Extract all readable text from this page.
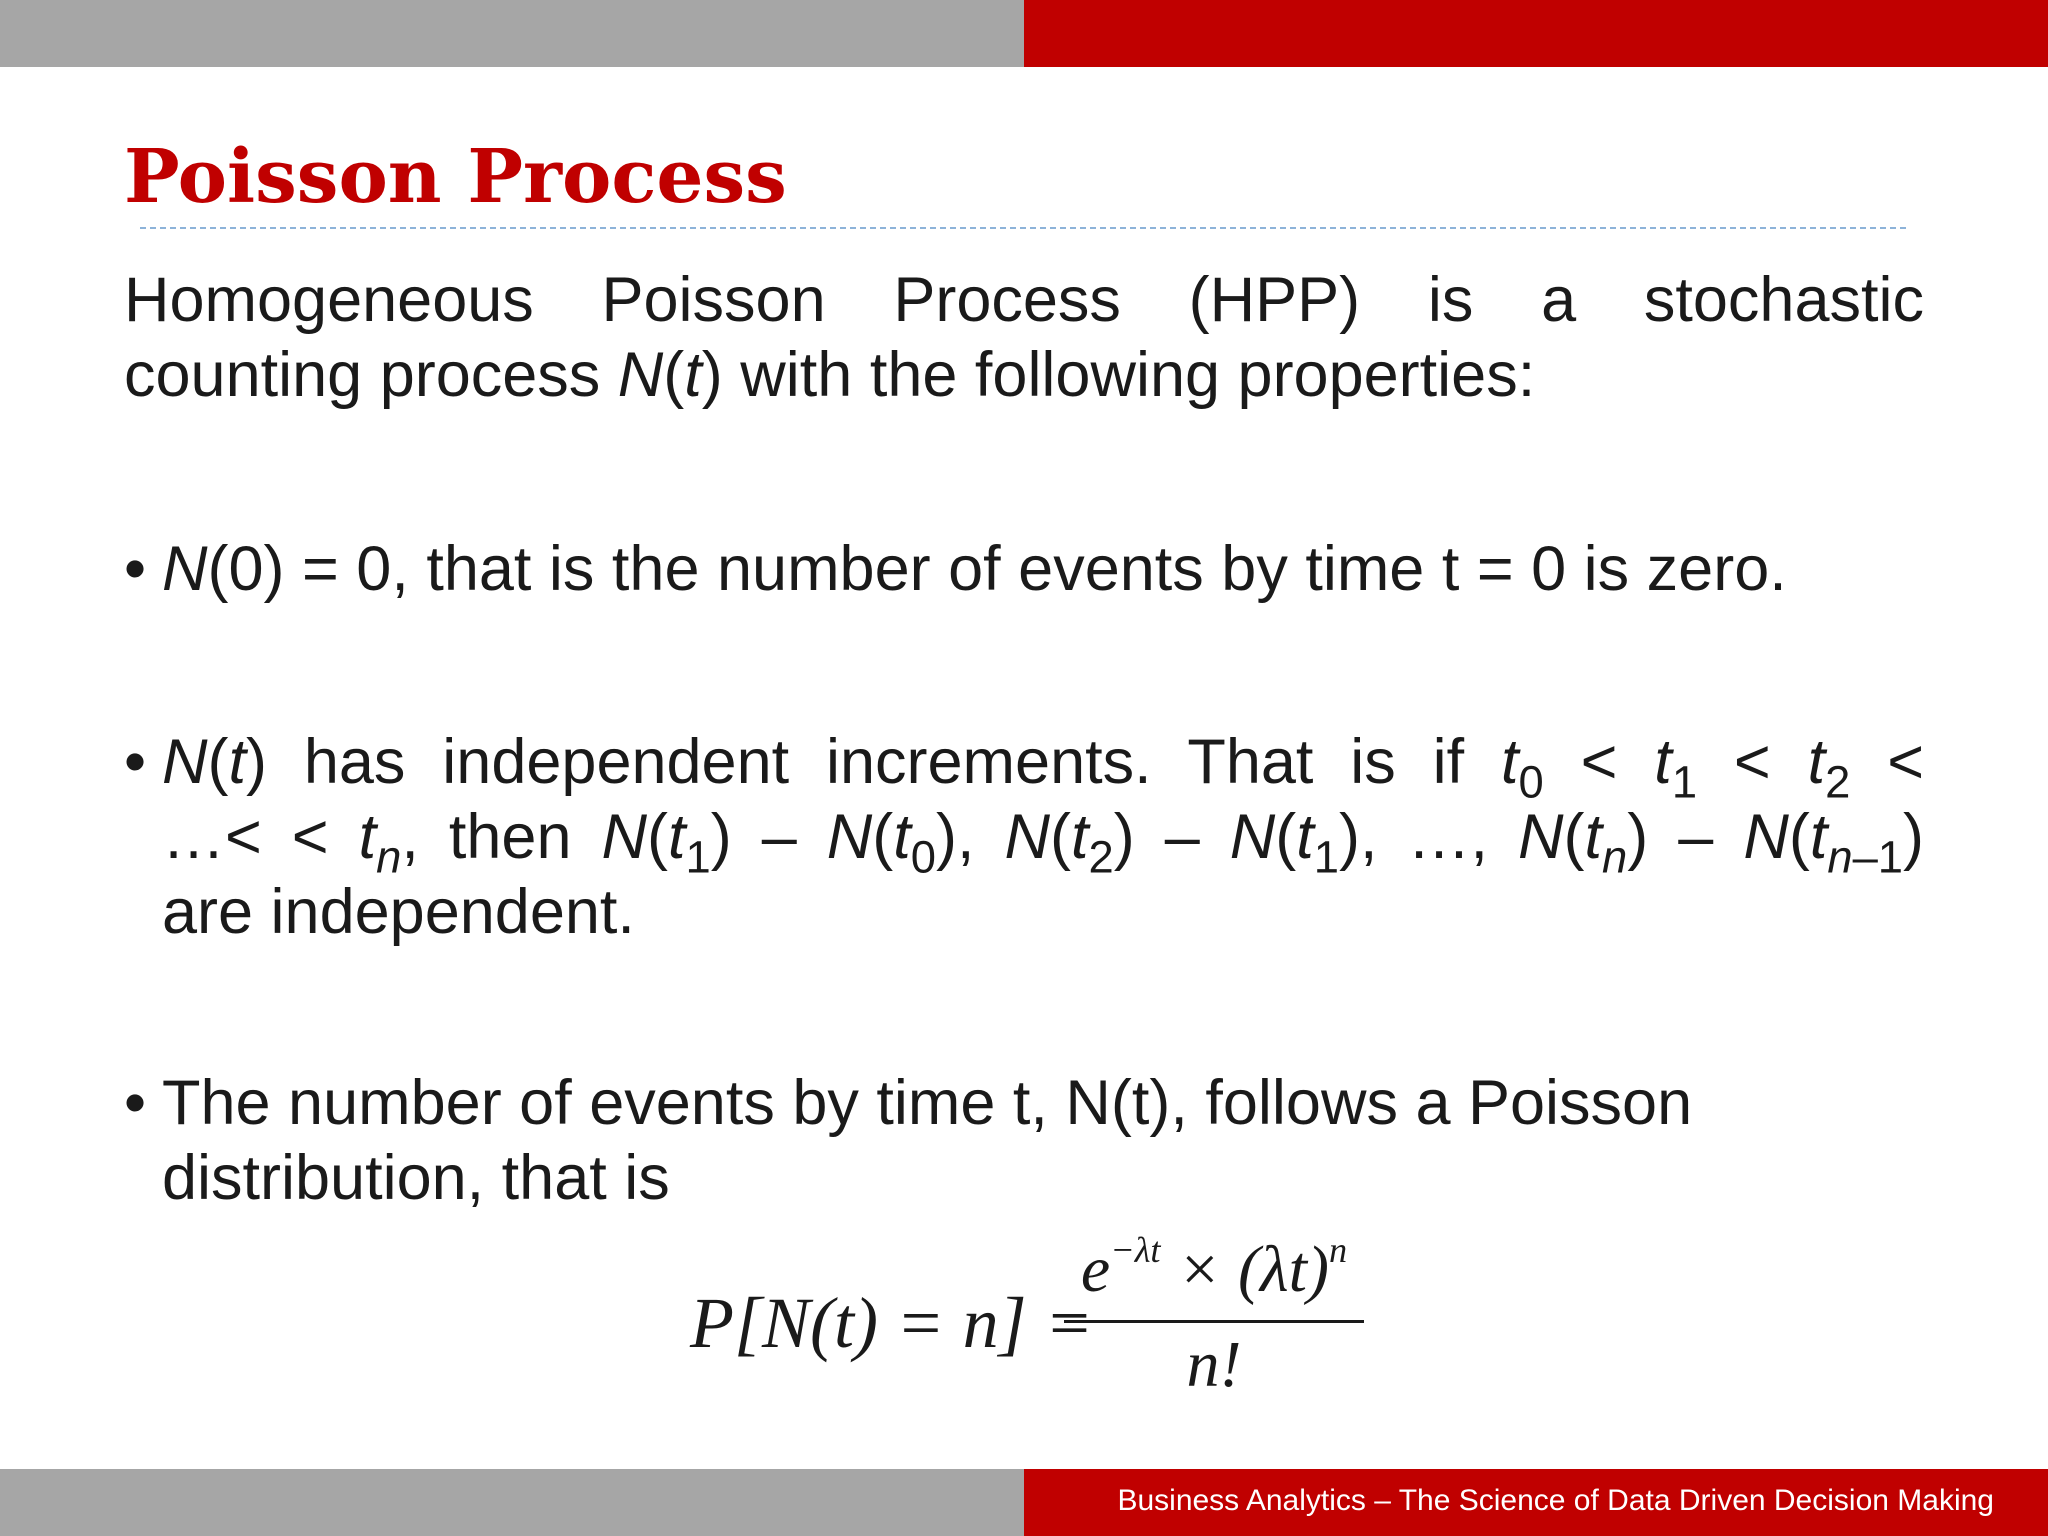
Poisson Process
Homogeneous Poisson Process (HPP) is a stochastic
counting process N(t) with the following properties:
• N(0) = 0, that is the number of events by time t = 0 is zero.
• N(t) has independent increments. That is if $t_0 < t_1 < t_2$ <
…< < $t_n$, then $N(t_1) - N(t_0)$, $N(t_2) - N(t_1)$, …, $N(t_n) - N(t_{n-1})$
are independent.
• The number of events by time t, N(t), follows a Poisson
distribution, that is
P[N(t) = n] =
$e^{-\lambda t} \times (\lambda t)^n$
n!
Business Analytics – The Science of Data Driven Decision Making
